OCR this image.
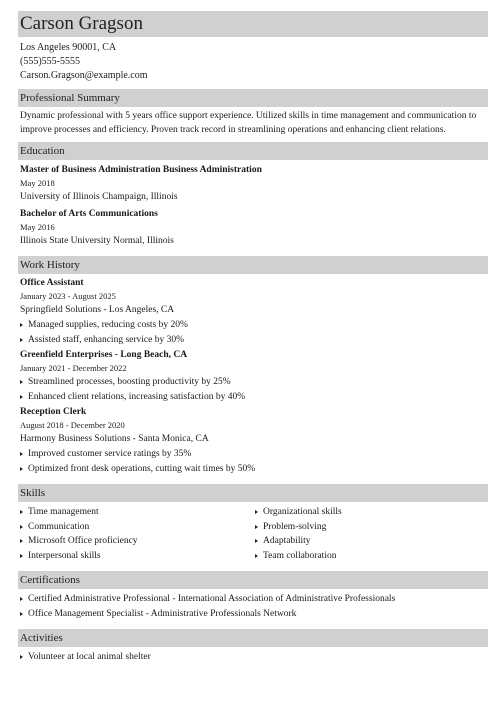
Carson Gragson
Los Angeles 90001, CA
(555)555-5555
Carson.Gragson@example.com
Professional Summary
Dynamic professional with 5 years office support experience. Utilized skills in time management and communication to improve processes and efficiency. Proven track record in streamlining operations and enhancing client relations.
Education
Master of Business Administration Business Administration
May 2018
University of Illinois Champaign, Illinois
Bachelor of Arts Communications
May 2016
Illinois State University Normal, Illinois
Work History
Office Assistant
January 2023 - August 2025
Springfield Solutions - Los Angeles, CA
Managed supplies, reducing costs by 20%
Assisted staff, enhancing service by 30%
Greenfield Enterprises - Long Beach, CA
January 2021 - December 2022
Streamlined processes, boosting productivity by 25%
Enhanced client relations, increasing satisfaction by 40%
Reception Clerk
August 2018 - December 2020
Harmony Business Solutions - Santa Monica, CA
Improved customer service ratings by 35%
Optimized front desk operations, cutting wait times by 50%
Skills
Time management
Communication
Microsoft Office proficiency
Interpersonal skills
Organizational skills
Problem-solving
Adaptability
Team collaboration
Certifications
Certified Administrative Professional - International Association of Administrative Professionals
Office Management Specialist - Administrative Professionals Network
Activities
Volunteer at local animal shelter
